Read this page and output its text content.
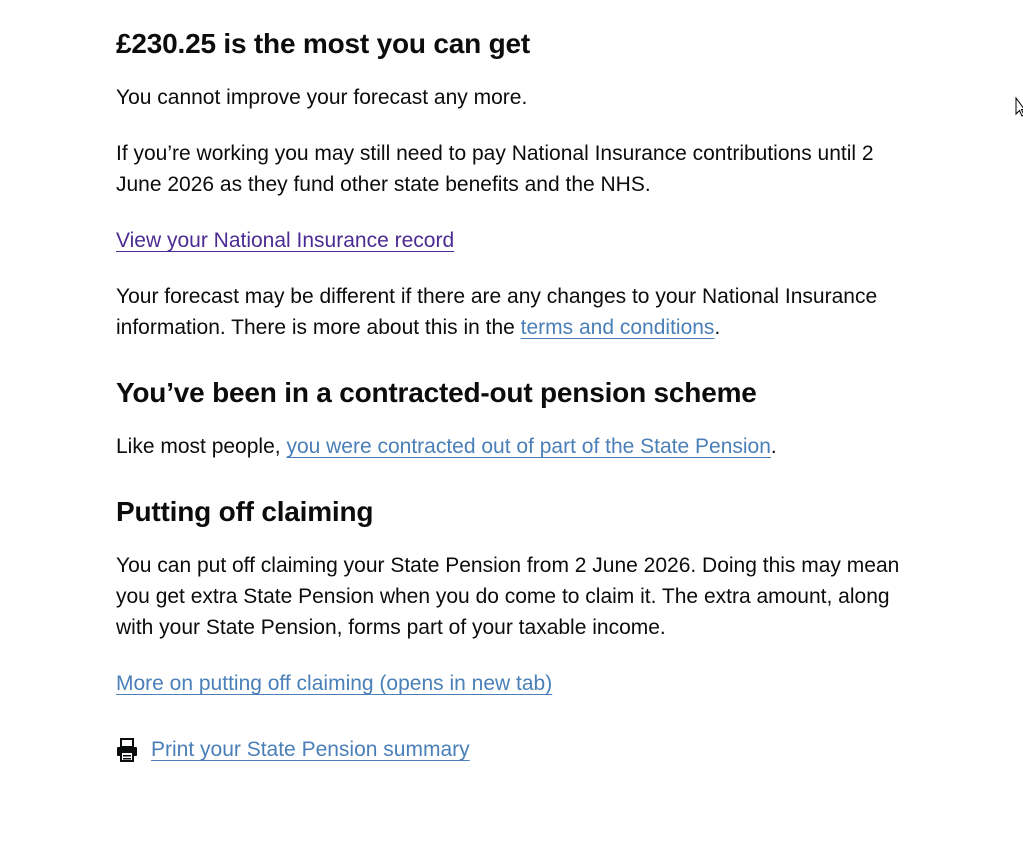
£230.25 is the most you can get

You cannot improve your forecast any more.

If you’re working you may still need to pay National Insurance contributions until 2 June 2026 as they fund other state benefits and the NHS.

View your National Insurance record

Your forecast may be different if there are any changes to your National Insurance information. There is more about this in the terms and conditions.

You’ve been in a contracted-out pension scheme

Like most people, you were contracted out of part of the State Pension.

Putting off claiming

You can put off claiming your State Pension from 2 June 2026. Doing this may mean you get extra State Pension when you do come to claim it. The extra amount, along with your State Pension, forms part of your taxable income.

More on putting off claiming (opens in new tab)

Print your State Pension summary
